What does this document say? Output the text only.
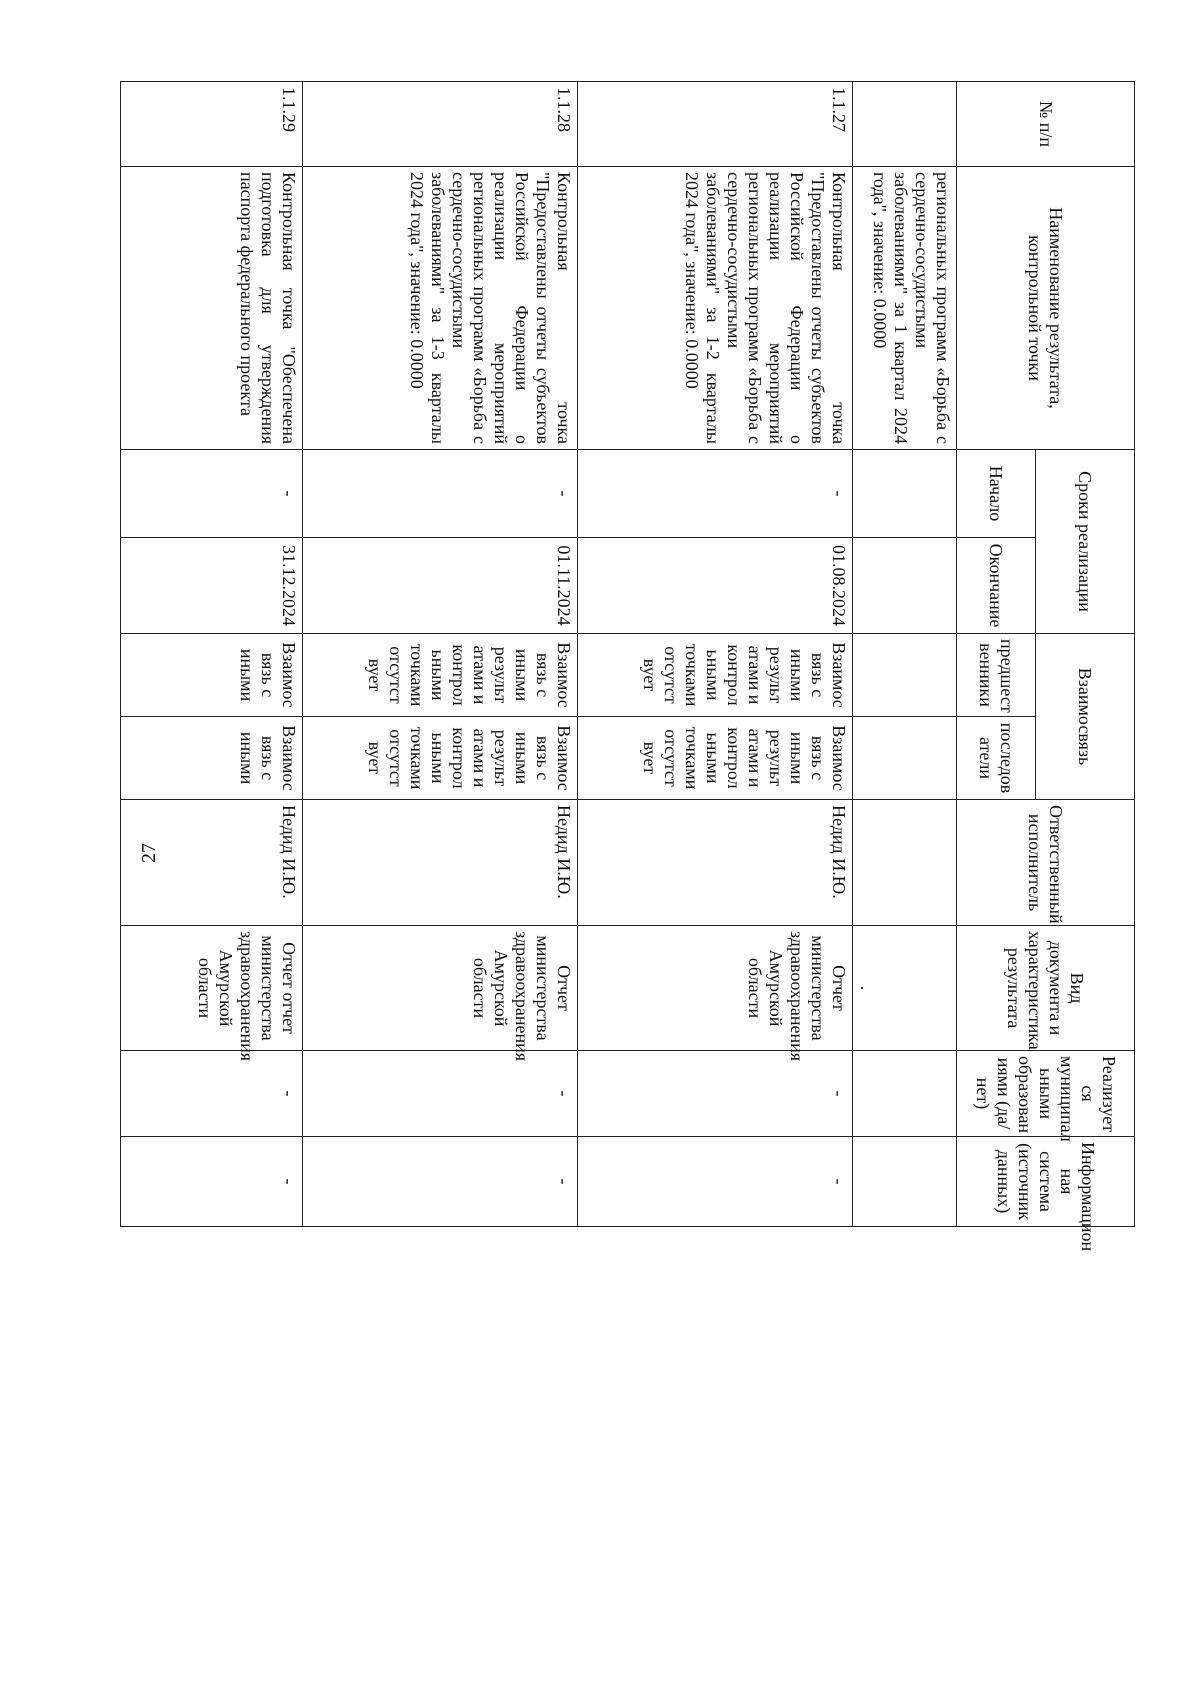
27
№ п/п	Наименование результата, контрольной точки	Сроки реализации		Взаимосвязь		Ответственный исполнитель	Вид документа и характеристика результата	Реализует ся муниципал ьными образован иями (да/нет)	Информацион ная система (источник данных)
		Начало	Окончание	предшест венники	последов атели				
	региональных программ «Борьба с сердечно-сосудистыми заболеваниями" за 1 квартал 2024 года", значение: 0.0000						.		
1.1.27	Контрольная точка "Предоставлены отчеты субъектов Российской Федерации о реализации мероприятий региональных программ «Борьба с сердечно-сосудистыми заболеваниями" за 1-2 кварталы 2024 года", значение: 0.0000	-	01.08.2024	Взаимос вязь с иными результ атами и контрол ьными точками отсутст вует	Взаимос вязь с иными результ атами и контрол ьными точками отсутст вует	Недид И.Ю.	Отчет министерства здравоохранения Амурской области	-	-
1.1.28	Контрольная точка "Предоставлены отчеты субъектов Российской Федерации о реализации мероприятий региональных программ «Борьба с сердечно-сосудистыми заболеваниями" за 1-3 кварталы 2024 года", значение: 0.0000	-	01.11.2024	Взаимос вязь с иными результ атами и контрол ьными точками отсутст вует	Взаимос вязь с иными результ атами и контрол ьными точками отсутст вует	Недид И.Ю.	Отчет министерства здравоохранения Амурской области	-	-
1.1.29	Контрольная точка "Обеспечена подготовка для утверждения паспорта федерального проекта	-	31.12.2024	Взаимос вязь с иными	Взаимос вязь с иными	Недид И.Ю.	Отчет отчет министерства здравоохранения Амурской области	-	-
